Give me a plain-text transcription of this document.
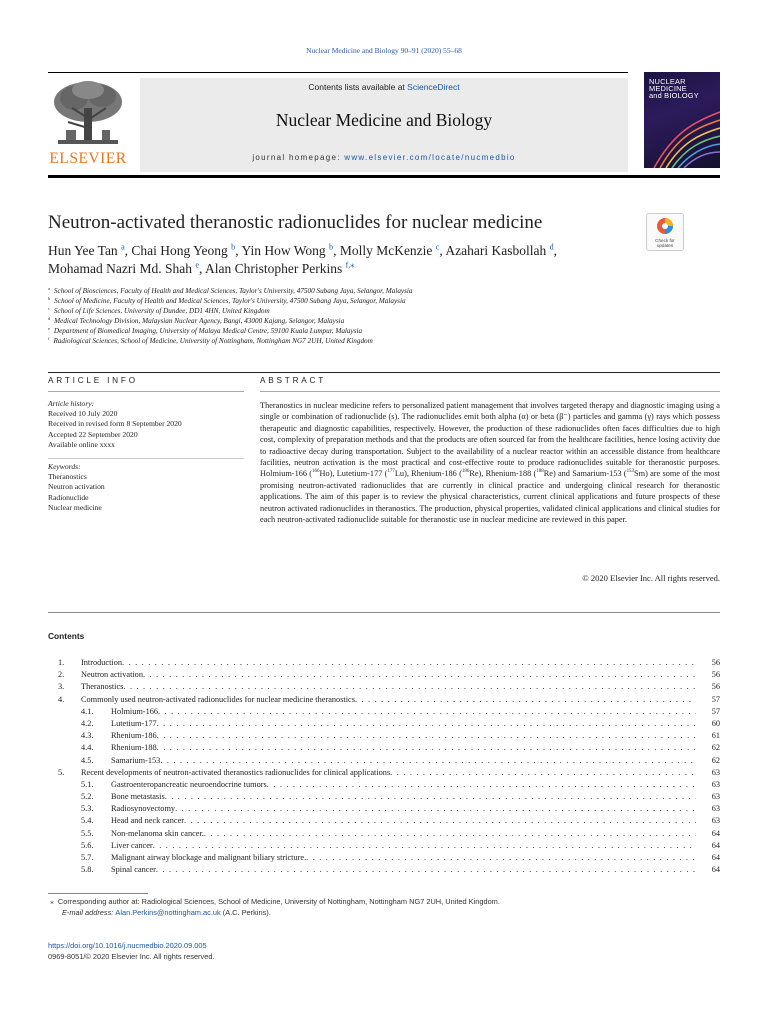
Nuclear Medicine and Biology 90–91 (2020) 55–68
ELSEVIER
Contents lists available at ScienceDirect
Nuclear Medicine and Biology
journal homepage: www.elsevier.com/locate/nucmedbio
NUCLEAR
MEDICINE
and BIOLOGY
Neutron-activated theranostic radionuclides for nuclear medicine
Check for updates
Hun Yee Tan $^a$, Chai Hong Yeong $^b$, Yin How Wong $^b$, Molly McKenzie $^c$, Azahari Kasbollah $^d$,
Mohamad Nazri Md. Shah $^e$, Alan Christopher Perkins $^{f,⁎}$
$^a$ School of Biosciences, Faculty of Health and Medical Sciences, Taylor's University, 47500 Subang Jaya, Selangor, Malaysia
$^b$ School of Medicine, Faculty of Health and Medical Sciences, Taylor's University, 47500 Subang Jaya, Selangor, Malaysia
$^c$ School of Life Sciences, University of Dundee, DD1 4HN, United Kingdom
$^d$ Medical Technology Division, Malaysian Nuclear Agency, Bangi, 43000 Kajang, Selangor, Malaysia
$^e$ Department of Biomedical Imaging, University of Malaya Medical Centre, 59100 Kuala Lumpur, Malaysia
$^f$ Radiological Sciences, School of Medicine, University of Nottingham, Nottingham NG7 2UH, United Kingdom
ARTICLE INFO	ABSTRACT
Article history:
Received 10 July 2020
Received in revised form 8 September 2020
Accepted 22 September 2020
Available online xxxx
Keywords:
Theranostics
Neutron activation
Radionuclide
Nuclear medicine
Theranostics in nuclear medicine refers to personalized patient management that involves targeted therapy and diagnostic imaging using a single or combination of radionuclide (s). The radionuclides emit both alpha (α) or beta (β⁻) particles and gamma (γ) rays which possess therapeutic and diagnostic capabilities, respectively. However, the production of these radionuclides often faces difficulties due to high cost, complexity of preparation methods and that the products are often sourced far from the healthcare facilities, hence losing activity due to radioactive decay during transportation. Subject to the availability of a nuclear reactor within an accessible distance from healthcare facilities, neutron activation is the most practical and cost-effective route to produce radionuclides suitable for theranostic purposes. Holmium-166 ($^{166}$Ho), Lutetium-177 ($^{177}$Lu), Rhenium-186 ($^{186}$Re), Rhenium-188 ($^{188}$Re) and Samarium-153 ($^{153}$Sm) are some of the most promising neutron-activated radionuclides that are currently in clinical practice and undergoing clinical research for theranostic applications. The aim of this paper is to review the physical characteristics, current clinical applications and future prospects of these neutron activated radionuclides in theranostics. The production, physical properties, validated clinical applications and clinical studies for each neutron-activated radionuclide suitable for theranostic use in nuclear medicine are reviewed in this paper.
© 2020 Elsevier Inc. All rights reserved.
Contents
1. Introduction . . .	56
2. Neutron activation . . .	56
3. Theranostics . . .	56
4. Commonly used neutron-activated radionuclides for nuclear medicine theranostics . . .	57
4.1. Holmium-166 . . .	57
4.2. Lutetium-177 . . .	60
4.3. Rhenium-186 . . .	61
4.4. Rhenium-188 . . .	62
4.5. Samarium-153 . . .	62
5. Recent developments of neutron-activated theranostics radionuclides for clinical applications . . .	63
5.1. Gastroenteropancreatic neuroendocrine tumors . . .	63
5.2. Bone metastasis . . .	63
5.3. Radiosynovectomy . . .	63
5.4. Head and neck cancer . . .	63
5.5. Non-melanoma skin cancer. . . .	64
5.6. Liver cancer . . .	64
5.7. Malignant airway blockage and malignant biliary stricture. . . .	64
5.8. Spinal cancer . . .	64
⁎ Corresponding author at: Radiological Sciences, School of Medicine, University of Nottingham, Nottingham NG7 2UH, United Kingdom.
E-mail address: Alan.Perkins@nottingham.ac.uk (A.C. Perkins).
https://doi.org/10.1016/j.nucmedbio.2020.09.005
0969-8051/© 2020 Elsevier Inc. All rights reserved.
